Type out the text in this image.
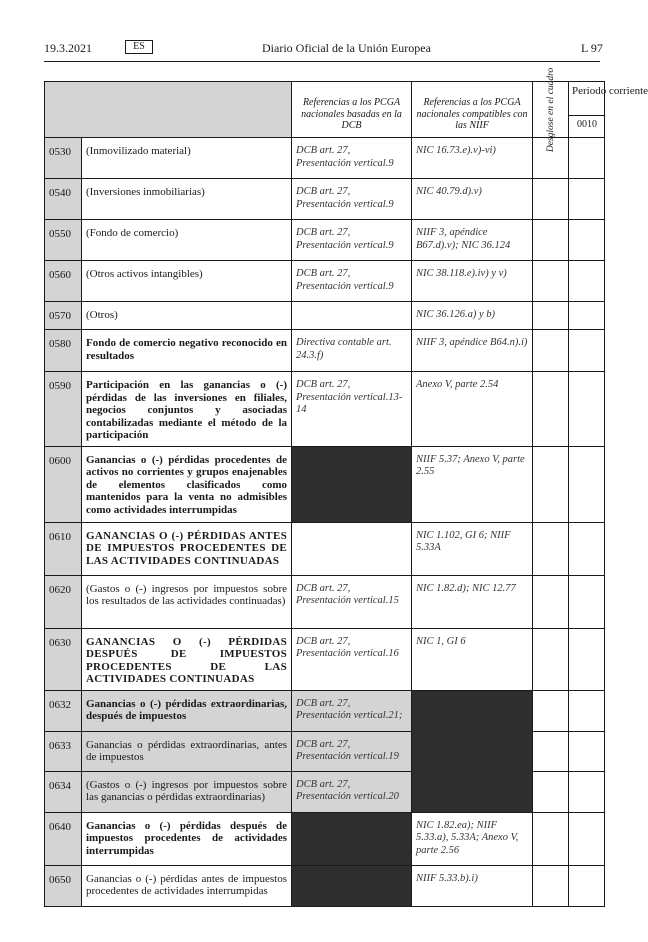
19.3.2021	ES	Diario Oficial de la Unión Europea	L 97
		Referencias a los PCGA nacionales basadas en la DCB	Referencias a los PCGA nacionales compatibles con las NIIF	Desglose en el cuadro	Período corriente
					0010
0530	(Inmovilizado material)	DCB art. 27, Presentación vertical.9	NIC 16.73.e).v)-vi)		
0540	(Inversiones inmobiliarias)	DCB art. 27, Presentación vertical.9	NIC 40.79.d).v)		
0550	(Fondo de comercio)	DCB art. 27, Presentación vertical.9	NIIF 3, apéndice B67.d).v); NIC 36.124		
0560	(Otros activos intangibles)	DCB art. 27, Presentación vertical.9	NIC 38.118.e).iv) y v)		
0570	(Otros)		NIC 36.126.a) y b)		
0580	Fondo de comercio negativo reconocido en resultados	Directiva contable art. 24.3.f)	NIIF 3, apéndice B64.n).i)		
0590	Participación en las ganancias o (-) pérdidas de las inversiones en filiales, negocios conjuntos y asociadas contabilizadas mediante el método de la participación	DCB art. 27, Presentación vertical.13-14	Anexo V, parte 2.54		
0600	Ganancias o (-) pérdidas procedentes de activos no corrientes y grupos enajenables de elementos clasificados como mantenidos para la venta no admisibles como actividades interrumpidas		NIIF 5.37; Anexo V, parte 2.55		
0610	GANANCIAS O (-) PÉRDIDAS ANTES DE IMPUESTOS PROCEDENTES DE LAS ACTIVIDADES CONTINUADAS		NIC 1.102, GI 6; NIIF 5.33A		
0620	(Gastos o (-) ingresos por impuestos sobre los resultados de las actividades continuadas)	DCB art. 27, Presentación vertical.15	NIC 1.82.d); NIC 12.77		
0630	GANANCIAS O (-) PÉRDIDAS DESPUÉS DE IMPUESTOS PROCEDENTES DE LAS ACTIVIDADES CONTINUADAS	DCB art. 27, Presentación vertical.16	NIC 1, GI 6		
0632	Ganancias o (-) pérdidas extraordinarias, después de impuestos	DCB art. 27, Presentación vertical.21;			
0633	Ganancias o pérdidas extraordinarias, antes de impuestos	DCB art. 27, Presentación vertical.19			
0634	(Gastos o (-) ingresos por impuestos sobre las ganancias o pérdidas extraordinarias)	DCB art. 27, Presentación vertical.20			
0640	Ganancias o (-) pérdidas después de impuestos procedentes de actividades interrumpidas		NIC 1.82.ea); NIIF 5.33.a), 5.33A; Anexo V, parte 2.56		
0650	Ganancias o (-) pérdidas antes de impuestos procedentes de actividades interrumpidas		NIIF 5.33.b).i)		
